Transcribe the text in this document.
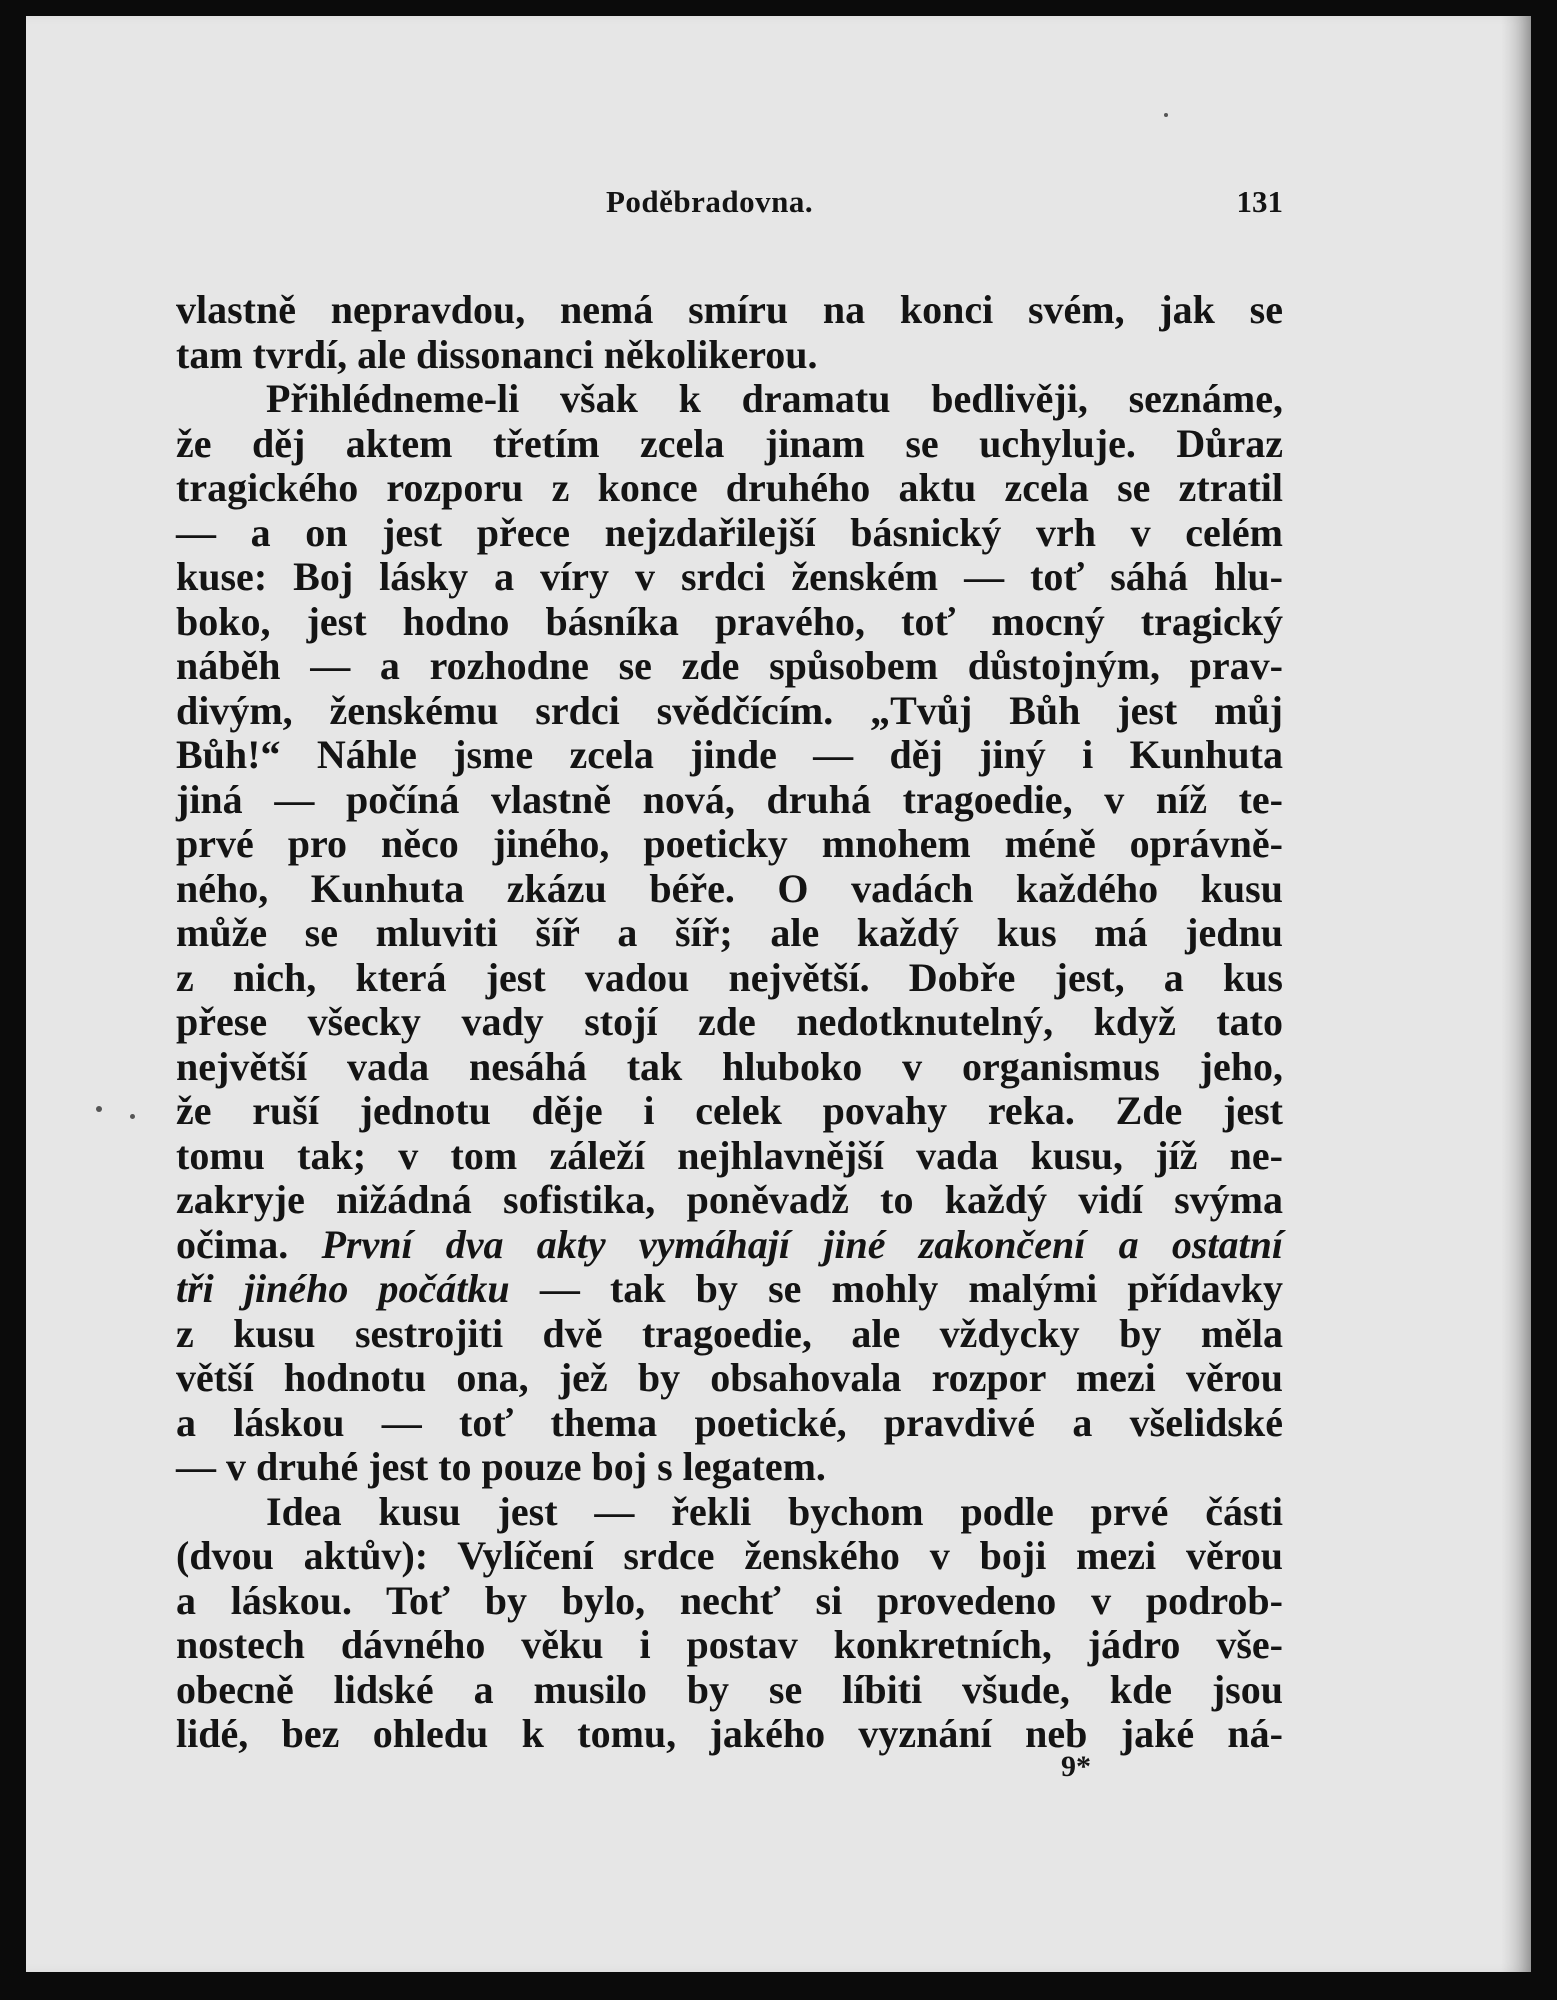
Poděbradovna.	131
vlastně nepravdou, nemá smíru na konci svém, jak se
tam tvrdí, ale dissonanci několikerou.
Přihlédneme-li však k dramatu bedlivěji, seznáme,
že děj aktem třetím zcela jinam se uchyluje. Důraz
tragického rozporu z konce druhého aktu zcela se ztratil
— a on jest přece nejzdařilejší básnický vrh v celém
kuse: Boj lásky a víry v srdci ženském — toť sáhá hlu-
boko, jest hodno básníka pravého, toť mocný tragický
náběh — a rozhodne se zde spůsobem důstojným, prav-
divým, ženskému srdci svědčícím. „Tvůj Bůh jest můj
Bůh!“ Náhle jsme zcela jinde — děj jiný i Kunhuta
jiná — počíná vlastně nová, druhá tragoedie, v níž te-
prvé pro něco jiného, poeticky mnohem méně oprávně-
ného, Kunhuta zkázu béře. O vadách každého kusu
může se mluviti šíř a šíř; ale každý kus má jednu
z nich, která jest vadou největší. Dobře jest, a kus
přese všecky vady stojí zde nedotknutelný, když tato
největší vada nesáhá tak hluboko v organismus jeho,
že ruší jednotu děje i celek povahy reka. Zde jest
tomu tak; v tom záleží nejhlavnější vada kusu, jíž ne-
zakryje nižádná sofistika, poněvadž to každý vidí svýma
očima. První dva akty vymáhají jiné zakončení a ostatní
tři jiného počátku — tak by se mohly malými přídavky
z kusu sestrojiti dvě tragoedie, ale vždycky by měla
větší hodnotu ona, jež by obsahovala rozpor mezi věrou
a láskou — toť thema poetické, pravdivé a všelidské
— v druhé jest to pouze boj s legatem.
Idea kusu jest — řekli bychom podle prvé části
(dvou aktův): Vylíčení srdce ženského v boji mezi věrou
a láskou. Toť by bylo, nechť si provedeno v podrob-
nostech dávného věku i postav konkretních, jádro vše-
obecně lidské a musilo by se líbiti všude, kde jsou
lidé, bez ohledu k tomu, jakého vyznání neb jaké ná-
9*
